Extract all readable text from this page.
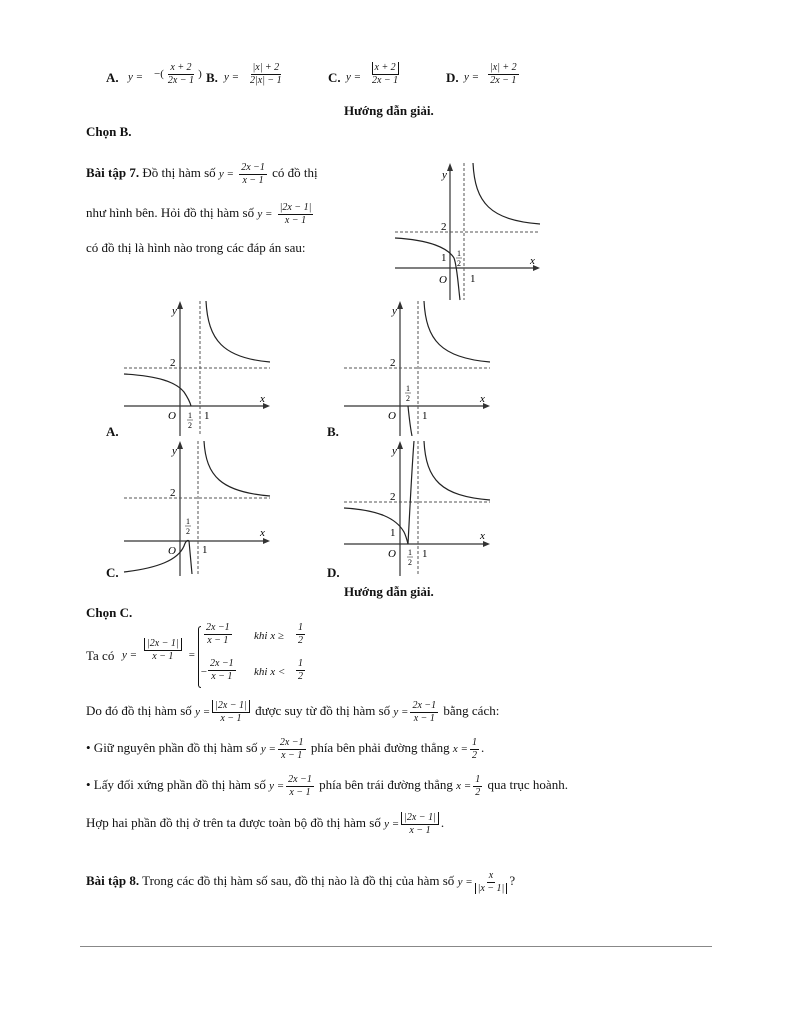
A. y = −( $\frac{x + 2}{2x - 1}$ ) B. $y = \frac{|x| + 2}{2|x| - 1}$	C. $y = \frac{x + 2}{2x - 1}$	D. $y = \frac{|x| + 2}{2x - 1}$
Hướng dẫn giải.
Chọn B.
Bài tập 7. Đồ thị hàm số $y = \frac{2x -1}{x - 1}$ có đồ thị
như hình bên. Hỏi đồ thị hàm số $y = \frac{|2x - 1|}{x - 1}$
có đồ thị là hình nào trong các đáp án sau:
y
x
2
1
O 1
1
2
y
x
2
O	1
1
2
A.
y
x
2
O 1
1
2
B.
y
x
2
O 1
1
2
C.
y
x
2
1
O 1
1
2
D.
Hướng dẫn giải.
Chọn C.
Ta có $y = \frac{|2x - 1|}{x - 1}$ =
$\frac{2x -1}{x - 1}$ khi $x \ge \frac{1}{2}$
− $\frac{2x -1}{x - 1}$ khi $x < \frac{1}{2}$
Do đó đồ thị hàm số $y = \frac{|2x - 1|}{x - 1}$ được suy từ đồ thị hàm số $y = \frac{2x -1}{x - 1}$ bằng cách:
• Giữ nguyên phần đồ thị hàm số $y = \frac{2x -1}{x - 1}$ phía bên phải đường thẳng $x = \frac{1}{2}$ .
• Lấy đối xứng phần đồ thị hàm số $y = \frac{2x -1}{x - 1}$ phía bên trái đường thẳng $x = \frac{1}{2}$ qua trục hoành.
Hợp hai phần đồ thị ở trên ta được toàn bộ đồ thị hàm số $y = \frac{|2x - 1|}{x - 1}$ .
Bài tập 8. Trong các đồ thị hàm số sau, đồ thị nào là đồ thị của hàm số $y = \frac{x}{|x - 1|}$ ?
